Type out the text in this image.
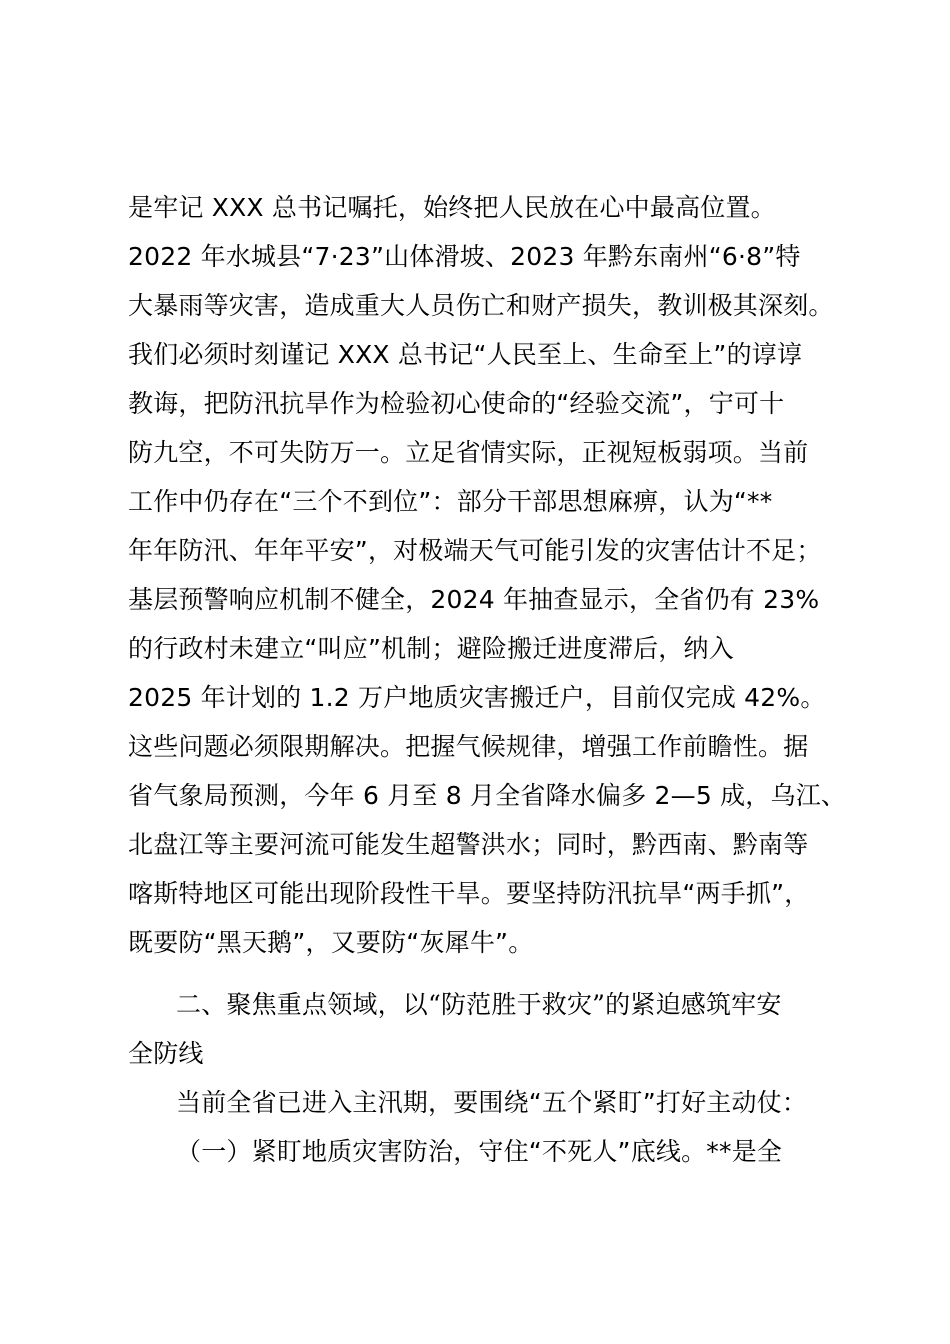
是牢记 XXX 总书记嘱托，始终把人民放在心中最高位置。
2022 年水城县“7·23”山体滑坡、2023 年黔东南州“6·8”特
大暴雨等灾害，造成重大人员伤亡和财产损失，教训极其深刻。
我们必须时刻谨记 XXX 总书记“人民至上、生命至上”的谆谆
教诲，把防汛抗旱作为检验初心使命的“经验交流”，宁可十
防九空，不可失防万一。立足省情实际，正视短板弱项。当前
工作中仍存在“三个不到位”：部分干部思想麻痹，认为“**
年年防汛、年年平安”，对极端天气可能引发的灾害估计不足；
基层预警响应机制不健全，2024 年抽查显示，全省仍有 23%
的行政村未建立“叫应”机制；避险搬迁进度滞后，纳入
2025 年计划的 1.2 万户地质灾害搬迁户，目前仅完成 42%。
这些问题必须限期解决。把握气候规律，增强工作前瞻性。据
省气象局预测，今年 6 月至 8 月全省降水偏多 2—5 成，乌江、
北盘江等主要河流可能发生超警洪水；同时，黔西南、黔南等
喀斯特地区可能出现阶段性干旱。要坚持防汛抗旱“两手抓”，
既要防“黑天鹅”，又要防“灰犀牛”。
二、聚焦重点领域，以“防范胜于救灾”的紧迫感筑牢安
全防线
当前全省已进入主汛期，要围绕“五个紧盯”打好主动仗：
（一）紧盯地质灾害防治，守住“不死人”底线。**是全
